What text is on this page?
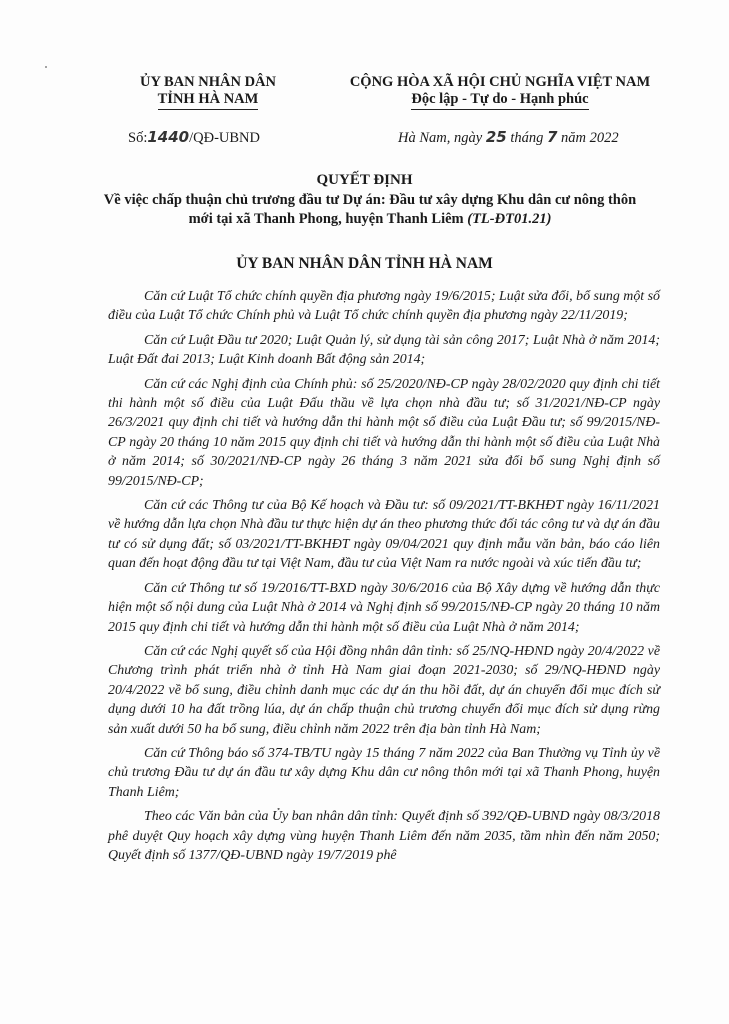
ỦY BAN NHÂN DÂN
TỈNH HÀ NAM
CỘNG HÒA XÃ HỘI CHỦ NGHĨA VIỆT NAM
Độc lập - Tự do - Hạnh phúc
Số:1440/QĐ-UBND	Hà Nam, ngày 25 tháng 7 năm 2022
QUYẾT ĐỊNH
Về việc chấp thuận chủ trương đầu tư Dự án: Đầu tư xây dựng Khu dân cư nông thôn mới tại xã Thanh Phong, huyện Thanh Liêm (TL-ĐT01.21)
ỦY BAN NHÂN DÂN TỈNH HÀ NAM

Căn cứ Luật Tổ chức chính quyền địa phương ngày 19/6/2015; Luật sửa đổi, bổ sung một số điều của Luật Tổ chức Chính phủ và Luật Tổ chức chính quyền địa phương ngày 22/11/2019;

Căn cứ Luật Đầu tư 2020; Luật Quản lý, sử dụng tài sản công 2017; Luật Nhà ở năm 2014; Luật Đất đai 2013; Luật Kinh doanh Bất động sản 2014;

Căn cứ các Nghị định của Chính phủ: số 25/2020/NĐ-CP ngày 28/02/2020 quy định chi tiết thi hành một số điều của Luật Đấu thầu về lựa chọn nhà đầu tư; số 31/2021/NĐ-CP ngày 26/3/2021 quy định chi tiết và hướng dẫn thi hành một số điều của Luật Đầu tư; số 99/2015/NĐ-CP ngày 20 tháng 10 năm 2015 quy định chi tiết và hướng dẫn thi hành một số điều của Luật Nhà ở năm 2014; số 30/2021/NĐ-CP ngày 26 tháng 3 năm 2021 sửa đổi bổ sung Nghị định số 99/2015/NĐ-CP;

Căn cứ các Thông tư của Bộ Kế hoạch và Đầu tư: số 09/2021/TT-BKHĐT ngày 16/11/2021 về hướng dẫn lựa chọn Nhà đầu tư thực hiện dự án theo phương thức đối tác công tư và dự án đầu tư có sử dụng đất; số 03/2021/TT-BKHĐT ngày 09/04/2021 quy định mẫu văn bản, báo cáo liên quan đến hoạt động đầu tư tại Việt Nam, đầu tư của Việt Nam ra nước ngoài và xúc tiến đầu tư;

Căn cứ Thông tư số 19/2016/TT-BXD ngày 30/6/2016 của Bộ Xây dựng về hướng dẫn thực hiện một số nội dung của Luật Nhà ở 2014 và Nghị định số 99/2015/NĐ-CP ngày 20 tháng 10 năm 2015 quy định chi tiết và hướng dẫn thi hành một số điều của Luật Nhà ở năm 2014;

Căn cứ các Nghị quyết số của Hội đồng nhân dân tỉnh: số 25/NQ-HĐND ngày 20/4/2022 về Chương trình phát triển nhà ở tỉnh Hà Nam giai đoạn 2021-2030; số 29/NQ-HĐND ngày 20/4/2022 về bổ sung, điều chỉnh danh mục các dự án thu hồi đất, dự án chuyển đổi mục đích sử dụng dưới 10 ha đất trồng lúa, dự án chấp thuận chủ trương chuyển đổi mục đích sử dụng rừng sản xuất dưới 50 ha bổ sung, điều chỉnh năm 2022 trên địa bàn tỉnh Hà Nam;

Căn cứ Thông báo số 374-TB/TU ngày 15 tháng 7 năm 2022 của Ban Thường vụ Tỉnh ủy về chủ trương Đầu tư dự án đầu tư xây dựng Khu dân cư nông thôn mới tại xã Thanh Phong, huyện Thanh Liêm;

Theo các Văn bản của Ủy ban nhân dân tỉnh: Quyết định số 392/QĐ-UBND ngày 08/3/2018 phê duyệt Quy hoạch xây dựng vùng huyện Thanh Liêm đến năm 2035, tầm nhìn đến năm 2050; Quyết định số 1377/QĐ-UBND ngày 19/7/2019 phê
